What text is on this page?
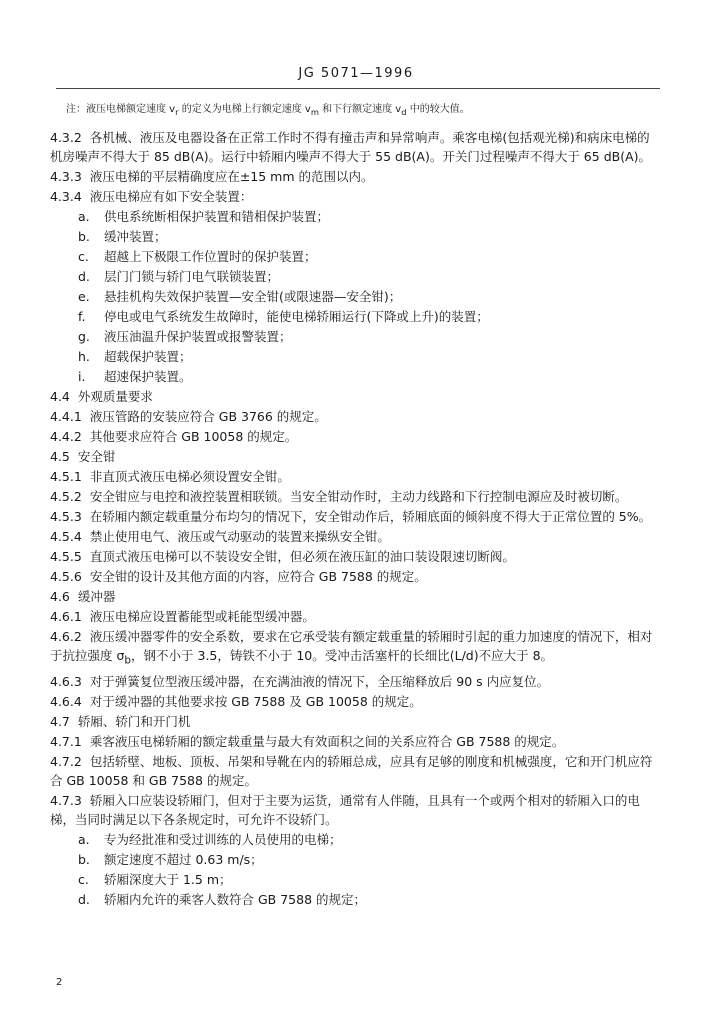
JG 5071—1996
注：液压电梯额定速度 $v_r$ 的定义为电梯上行额定速度 $v_m$ 和下行额定速度 $v_d$ 中的较大值。
4.3.2 各机械、液压及电器设备在正常工作时不得有撞击声和异常响声。乘客电梯(包括观光梯)和病床电梯的机房噪声不得大于 85 dB(A)。运行中轿厢内噪声不得大于 55 dB(A)。开关门过程噪声不得大于 65 dB(A)。
4.3.3 液压电梯的平层精确度应在±15 mm 的范围以内。
4.3.4 液压电梯应有如下安全装置：
a. 供电系统断相保护装置和错相保护装置；
b. 缓冲装置；
c. 超越上下极限工作位置时的保护装置；
d. 层门门锁与轿门电气联锁装置；
e. 悬挂机构失效保护装置—安全钳(或限速器—安全钳)；
f. 停电或电气系统发生故障时，能使电梯轿厢运行(下降或上升)的装置；
g. 液压油温升保护装置或报警装置；
h. 超载保护装置；
i. 超速保护装置。
4.4 外观质量要求
4.4.1 液压管路的安装应符合 GB 3766 的规定。
4.4.2 其他要求应符合 GB 10058 的规定。
4.5 安全钳
4.5.1 非直顶式液压电梯必须设置安全钳。
4.5.2 安全钳应与电控和液控装置相联锁。当安全钳动作时，主动力线路和下行控制电源应及时被切断。
4.5.3 在轿厢内额定载重量分布均匀的情况下，安全钳动作后，轿厢底面的倾斜度不得大于正常位置的 5%。
4.5.4 禁止使用电气、液压或气动驱动的装置来操纵安全钳。
4.5.5 直顶式液压电梯可以不装设安全钳，但必须在液压缸的油口装设限速切断阀。
4.5.6 安全钳的设计及其他方面的内容，应符合 GB 7588 的规定。
4.6 缓冲器
4.6.1 液压电梯应设置蓄能型或耗能型缓冲器。
4.6.2 液压缓冲器零件的安全系数，要求在它承受装有额定载重量的轿厢时引起的重力加速度的情况下，相对于抗拉强度 $\sigma_b$，钢不小于 3.5，铸铁不小于 10。受冲击活塞杆的长细比(L/d)不应大于 8。
4.6.3 对于弹簧复位型液压缓冲器，在充满油液的情况下，全压缩释放后 90 s 内应复位。
4.6.4 对于缓冲器的其他要求按 GB 7588 及 GB 10058 的规定。
4.7 轿厢、轿门和开门机
4.7.1 乘客液压电梯轿厢的额定载重量与最大有效面积之间的关系应符合 GB 7588 的规定。
4.7.2 包括轿壁、地板、顶板、吊架和导靴在内的轿厢总成，应具有足够的刚度和机械强度，它和开门机应符合 GB 10058 和 GB 7588 的规定。
4.7.3 轿厢入口应装设轿厢门，但对于主要为运货，通常有人伴随，且具有一个或两个相对的轿厢入口的电梯，当同时满足以下各条规定时，可允许不设轿门。
a. 专为经批准和受过训练的人员使用的电梯；
b. 额定速度不超过 0.63 m/s；
c. 轿厢深度大于 1.5 m；
d. 轿厢内允许的乘客人数符合 GB 7588 的规定；
2
